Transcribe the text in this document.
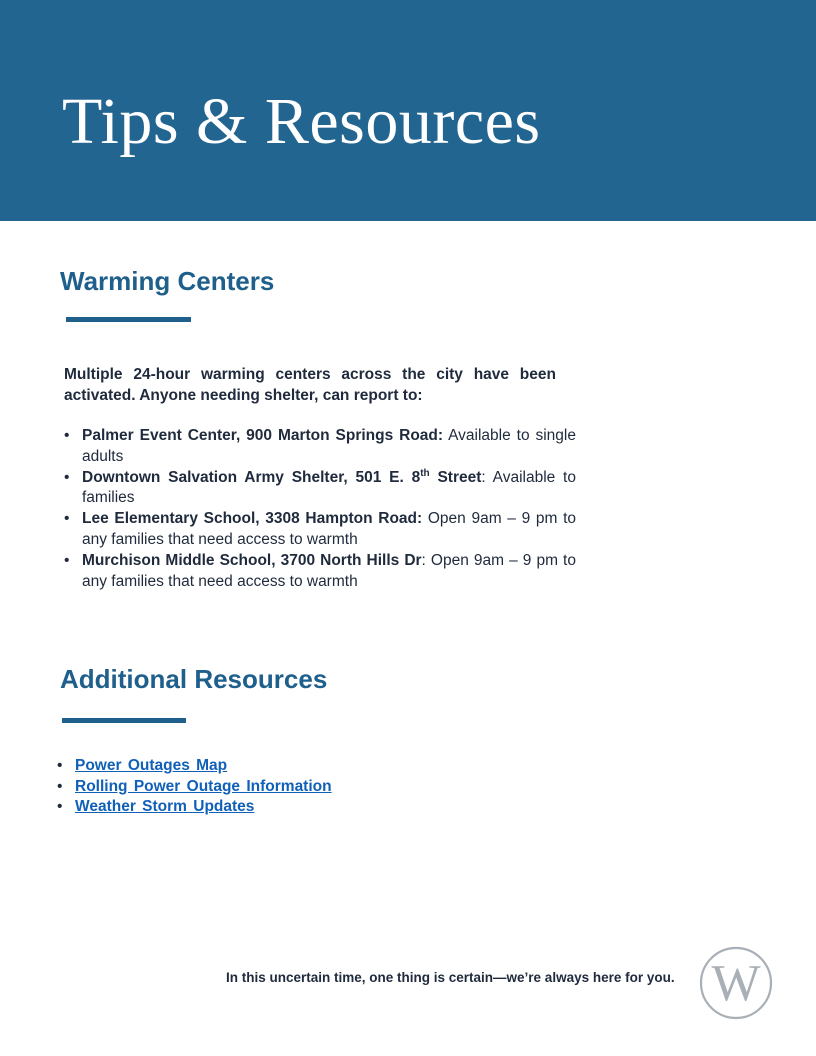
Tips & Resources
Warming Centers

Multiple 24-hour warming centers across the city have been activated. Anyone needing shelter, can report to:

• Palmer Event Center, 900 Marton Springs Road: Available to single adults
• Downtown Salvation Army Shelter, 501 E. 8th Street: Available to families
• Lee Elementary School, 3308 Hampton Road: Open 9am – 9 pm to any families that need access to warmth
• Murchison Middle School, 3700 North Hills Dr: Open 9am – 9 pm to any families that need access to warmth
Additional Resources
• Power Outages Map
• Rolling Power Outage Information
• Weather Storm Updates

In this uncertain time, one thing is certain—we’re always here for you. W
